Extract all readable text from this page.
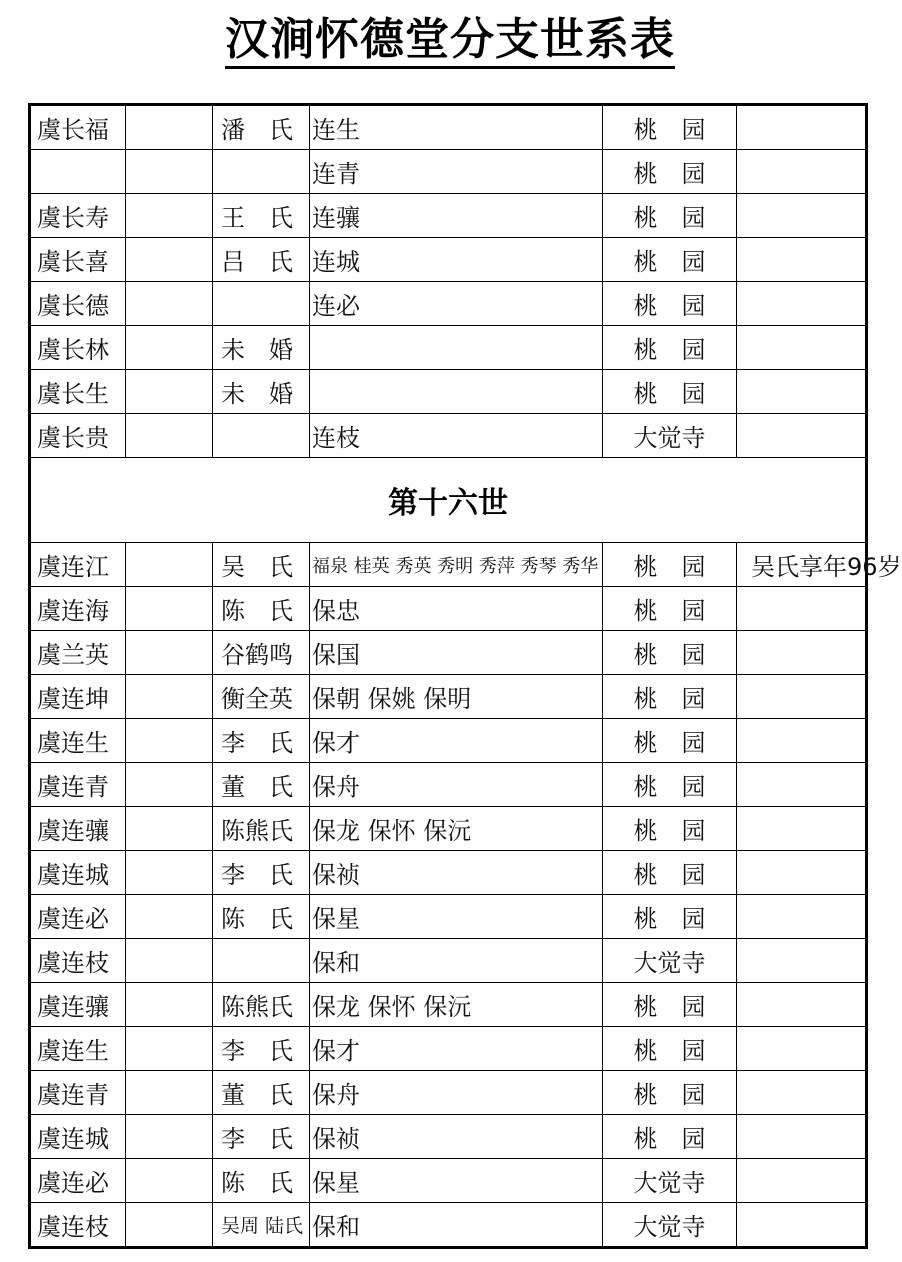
汉涧怀德堂分支世系表
虞长福		潘　氏	连生	桃　园	
			连青	桃　园	
虞长寿		王　氏	连骧	桃　园	
虞长喜		吕　氏	连城	桃　园	
虞长德			连必	桃　园	
虞长林		未　婚		桃　园	
虞长生		未　婚		桃　园	
虞长贵			连枝	大觉寺	
第十六世					
虞连江		吴　氏	福泉 桂英 秀英 秀明 秀萍 秀琴 秀华	桃　园	吴氏享年96岁
虞连海		陈　氏	保忠	桃　园	
虞兰英		谷鹤鸣	保国	桃　园	
虞连坤		衡全英	保朝 保姚 保明	桃　园	
虞连生		李　氏	保才	桃　园	
虞连青		董　氏	保舟	桃　园	
虞连骧		陈熊氏	保龙 保怀 保沅	桃　园	
虞连城		李　氏	保祯	桃　园	
虞连必		陈　氏	保星	桃　园	
虞连枝			保和	大觉寺	
虞连骧		陈熊氏	保龙 保怀 保沅	桃　园	
虞连生		李　氏	保才	桃　园	
虞连青		董　氏	保舟	桃　园	
虞连城		李　氏	保祯	桃　园	
虞连必		陈　氏	保星	大觉寺	
虞连枝		吴周 陆氏	保和	大觉寺	
